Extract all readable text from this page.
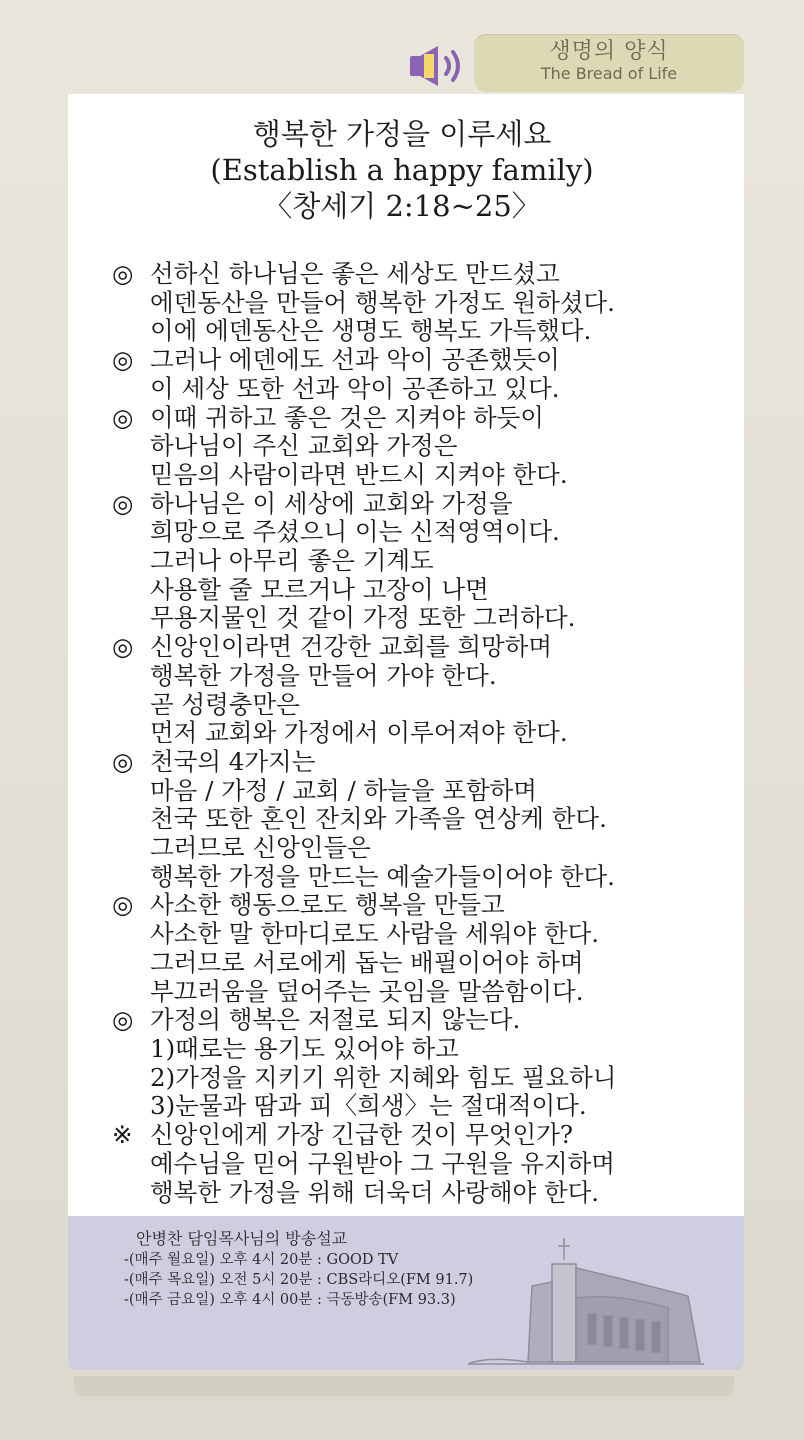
생명의 양식
The Bread of Life
행복한 가정을 이루세요
(Establish a happy family)
〈창세기 2:18~25〉
◎ 선하신 하나님은 좋은 세상도 만드셨고
에덴동산을 만들어 행복한 가정도 원하셨다.
이에 에덴동산은 생명도 행복도 가득했다.
◎ 그러나 에덴에도 선과 악이 공존했듯이
이 세상 또한 선과 악이 공존하고 있다.
◎ 이때 귀하고 좋은 것은 지켜야 하듯이
하나님이 주신 교회와 가정은
믿음의 사람이라면 반드시 지켜야 한다.
◎ 하나님은 이 세상에 교회와 가정을
희망으로 주셨으니 이는 신적영역이다.
그러나 아무리 좋은 기계도
사용할 줄 모르거나 고장이 나면
무용지물인 것 같이 가정 또한 그러하다.
◎ 신앙인이라면 건강한 교회를 희망하며
행복한 가정을 만들어 가야 한다.
곧 성령충만은
먼저 교회와 가정에서 이루어져야 한다.
◎ 천국의 4가지는
마음 / 가정 / 교회 / 하늘을 포함하며
천국 또한 혼인 잔치와 가족을 연상케 한다.
그러므로 신앙인들은
행복한 가정을 만드는 예술가들이어야 한다.
◎ 사소한 행동으로도 행복을 만들고
사소한 말 한마디로도 사람을 세워야 한다.
그러므로 서로에게 돕는 배필이어야 하며
부끄러움을 덮어주는 곳임을 말씀함이다.
◎ 가정의 행복은 저절로 되지 않는다.
1)때로는 용기도 있어야 하고
2)가정을 지키기 위한 지혜와 힘도 필요하니
3)눈물과 땀과 피〈희생〉는 절대적이다.
※ 신앙인에게 가장 긴급한 것이 무엇인가?
예수님을 믿어 구원받아 그 구원을 유지하며
행복한 가정을 위해 더욱더 사랑해야 한다.
안병찬 담임목사님의 방송설교
-(매주 월요일) 오후 4시 20분 : GOOD TV
-(매주 목요일) 오전 5시 20분 : CBS라디오(FM 91.7)
-(매주 금요일) 오후 4시 00분 : 극동방송(FM 93.3)
